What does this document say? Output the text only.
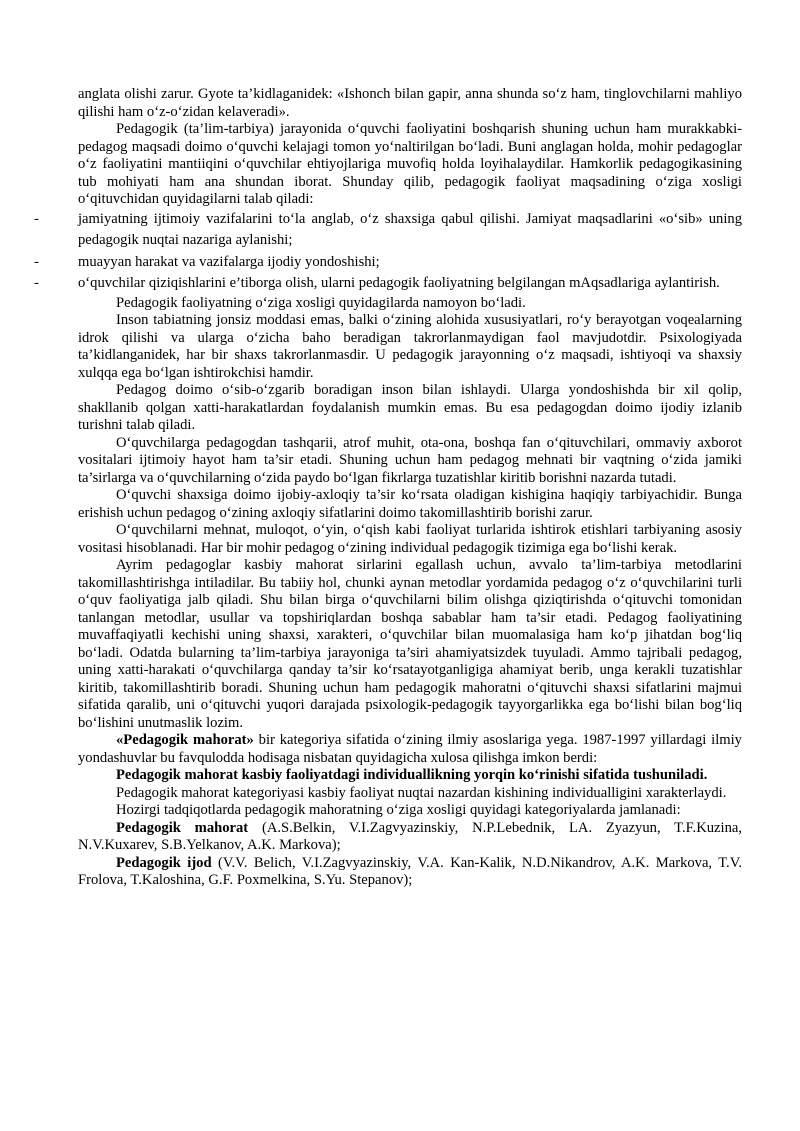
anglata olishi zarur. Gyote ta’kidlaganidek: «Ishonch bilan gapir, anna shunda so‘z ham, tinglovchilarni mahliyo qilishi ham o‘z-o‘zidan kelaveradi».

Pedagogik (ta’lim-tarbiya) jarayonida o‘quvchi faoliyatini boshqarish shuning uchun ham murakkabki-pedagog maqsadi doimo o‘quvchi kelajagi tomon yo‘naltirilgan bo‘ladi. Buni anglagan holda, mohir pedagoglar o‘z faoliyatini mantiiqini o‘quvchilar ehtiyojlariga muvofiq holda loyihalaydilar. Hamkorlik pedagogikasining tub mohiyati ham ana shundan iborat. Shunday qilib, pedagogik faoliyat maqsadining o‘ziga xosligi o‘qituvchidan quyidagilarni talab qiladi:

-	jamiyatning ijtimoiy vazifalarini to‘la anglab, o‘z shaxsiga qabul qilishi. Jamiyat maqsadlarini «o‘sib» uning pedagogik nuqtai nazariga aylanishi;
-	muayyan harakat va vazifalarga ijodiy yondoshishi;
-	o‘quvchilar qiziqishlarini e’tiborga olish, ularni pedagogik faoliyatning belgilangan mAqsadlariga aylantirish.

Pedagogik faoliyatning o‘ziga xosligi quyidagilarda namoyon bo‘ladi.

Inson tabiatning jonsiz moddasi emas, balki o‘zining alohida xususiyatlari, ro‘y berayotgan voqealarning idrok qilishi va ularga o‘zicha baho beradigan takrorlanmaydigan faol mavjudotdir. Psixologiyada ta’kidlanganidek, har bir shaxs takrorlanmasdir. U pedagogik jarayonning o‘z maqsadi, ishtiyoqi va shaxsiy xulqqa ega bo‘lgan ishtirokchisi hamdir.

Pedagog doimo o‘sib-o‘zgarib boradigan inson bilan ishlaydi. Ularga yondoshishda bir xil qolip, shakllanib qolgan xatti-harakatlardan foydalanish mumkin emas. Bu esa pedagogdan doimo ijodiy izlanib turishni talab qiladi.

O‘quvchilarga pedagogdan tashqarii, atrof muhit, ota-ona, boshqa fan o‘qituvchilari, ommaviy axborot vositalari ijtimoiy hayot ham ta’sir etadi. Shuning uchun ham pedagog mehnati bir vaqtning o‘zida jamiki ta’sirlarga va o‘quvchilarning o‘zida paydo bo‘lgan fikrlarga tuzatishlar kiritib borishni nazarda tutadi.

O‘quvchi shaxsiga doimo ijobiy-axloqiy ta’sir ko‘rsata oladigan kishigina haqiqiy tarbiyachidir. Bunga erishish uchun pedagog o‘zining axloqiy sifatlarini doimo takomillashtirib borishi zarur.

O‘quvchilarni mehnat, muloqot, o‘yin, o‘qish kabi faoliyat turlarida ishtirok etishlari tarbiyaning asosiy vositasi hisoblanadi. Har bir mohir pedagog o‘zining individual pedagogik tizimiga ega bo‘lishi kerak.

Ayrim pedagoglar kasbiy mahorat sirlarini egallash uchun, avvalo ta’lim-tarbiya metodlarini takomillashtirishga intiladilar. Bu tabiiy hol, chunki aynan metodlar yordamida pedagog o‘z o‘quvchilarini turli o‘quv faoliyatiga jalb qiladi. Shu bilan birga o‘quvchilarni bilim olishga qiziqtirishda o‘qituvchi tomonidan tanlangan metodlar, usullar va topshiriqlardan boshqa sabablar ham ta’sir etadi. Pedagog faoliyatining muvaffaqiyatli kechishi uning shaxsi, xarakteri, o‘quvchilar bilan muomalasiga ham ko‘p jihatdan bog‘liq bo‘ladi. Odatda bularning ta’lim-tarbiya jarayoniga ta’siri ahamiyatsizdek tuyuladi. Ammo tajribali pedagog, uning xatti-harakati o‘quvchilarga qanday ta’sir ko‘rsatayotganligiga ahamiyat berib, unga kerakli tuzatishlar kiritib, takomillashtirib boradi. Shuning uchun ham pedagogik mahoratni o‘qituvchi shaxsi sifatlarini majmui sifatida qaralib, uni o‘qituvchi yuqori darajada psixologik-pedagogik tayyorgarlikka ega bo‘lishi bilan bog‘liq bo‘lishini unutmaslik lozim.

«Pedagogik mahorat» bir kategoriya sifatida o‘zining ilmiy asoslariga yega. 1987-1997 yillardagi ilmiy yondashuvlar bu favqulodda hodisaga nisbatan quyidagicha xulosa qilishga imkon berdi:

Pedagogik mahorat kasbiy faoliyatdagi individuallikning yorqin ko‘rinishi sifatida tushuniladi.

Pedagogik mahorat kategoriyasi kasbiy faoliyat nuqtai nazardan kishining individualligini xarakterlaydi.

Hozirgi tadqiqotlarda pedagogik mahoratning o‘ziga xosligi quyidagi kategoriyalarda jamlanadi:

Pedagogik mahorat (A.S.Belkin, V.I.Zagvyazinskiy, N.P.Lebednik, LA. Zyazyun, T.F.Kuzina, N.V.Kuxarev, S.B.Yelkanov, A.K. Markova);

Pedagogik ijod (V.V. Belich, V.I.Zagvyazinskiy, V.A. Kan-Kalik, N.D.Nikandrov, A.K. Markova, T.V. Frolova, T.Kaloshina, G.F. Poxmelkina, S.Yu. Stepanov);
